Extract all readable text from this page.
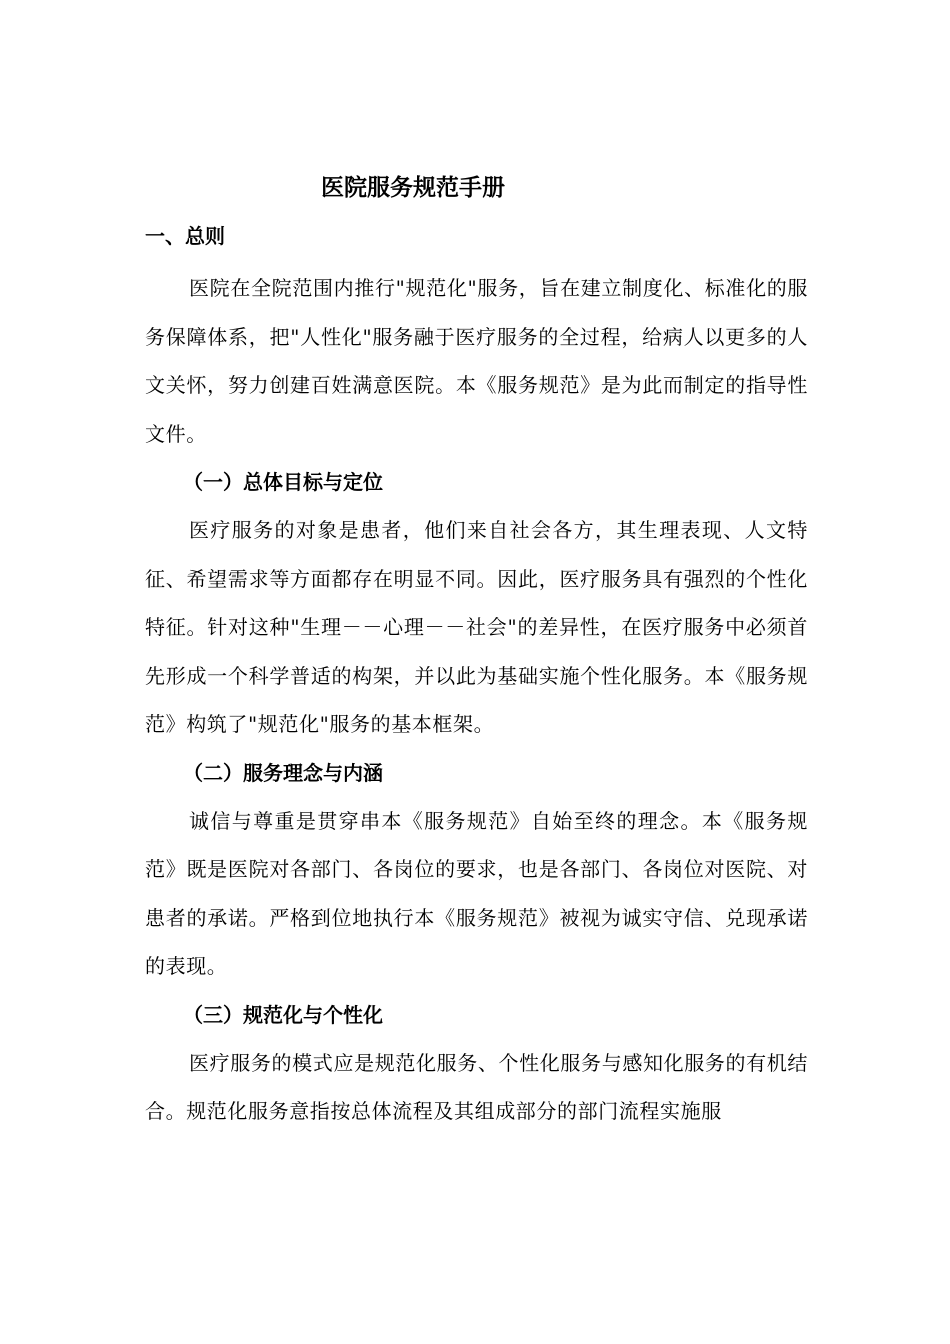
医院服务规范手册
一、总则

医院在全院范围内推行"规范化"服务，旨在建立制度化、标准化的服务保障体系，把"人性化"服务融于医疗服务的全过程，给病人以更多的人文关怀，努力创建百姓满意医院。本《服务规范》是为此而制定的指导性文件。

（一）总体目标与定位

医疗服务的对象是患者，他们来自社会各方，其生理表现、人文特征、希望需求等方面都存在明显不同。因此，医疗服务具有强烈的个性化特征。针对这种"生理－－心理－－社会"的差异性，在医疗服务中必须首先形成一个科学普适的构架，并以此为基础实施个性化服务。本《服务规范》构筑了"规范化"服务的基本框架。

（二）服务理念与内涵

诚信与尊重是贯穿串本《服务规范》自始至终的理念。本《服务规范》既是医院对各部门、各岗位的要求，也是各部门、各岗位对医院、对患者的承诺。严格到位地执行本《服务规范》被视为诚实守信、兑现承诺的表现。

（三）规范化与个性化

医疗服务的模式应是规范化服务、个性化服务与感知化服务的有机结合。规范化服务意指按总体流程及其组成部分的部门流程实施服
